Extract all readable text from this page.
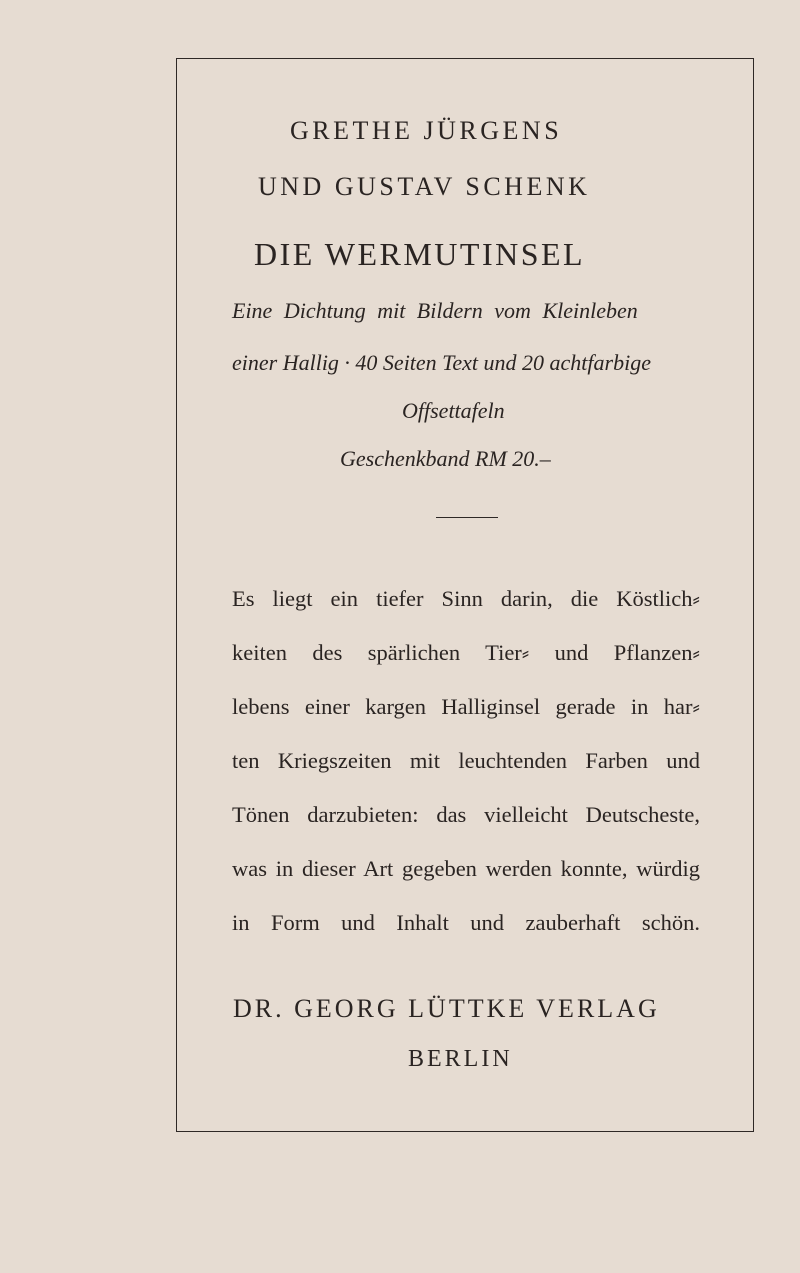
GRETHE JÜRGENS
UND GUSTAV SCHENK
DIE WERMUTINSEL
Eine Dichtung mit Bildern vom Kleinleben
einer Hallig · 40 Seiten Text und 20 achtfarbige
Offsettafeln
Geschenkband RM 20.–
Es liegt ein tiefer Sinn darin, die Köstlich⸗
keiten des spärlichen Tier⸗ und Pflanzen⸗
lebens einer kargen Halliginsel gerade in har⸗
ten Kriegszeiten mit leuchtenden Farben und
Tönen darzubieten: das vielleicht Deutscheste,
was in dieser Art gegeben werden konnte, würdig
in Form und Inhalt und zauberhaft schön.
DR. GEORG LÜTTKE VERLAG
BERLIN
